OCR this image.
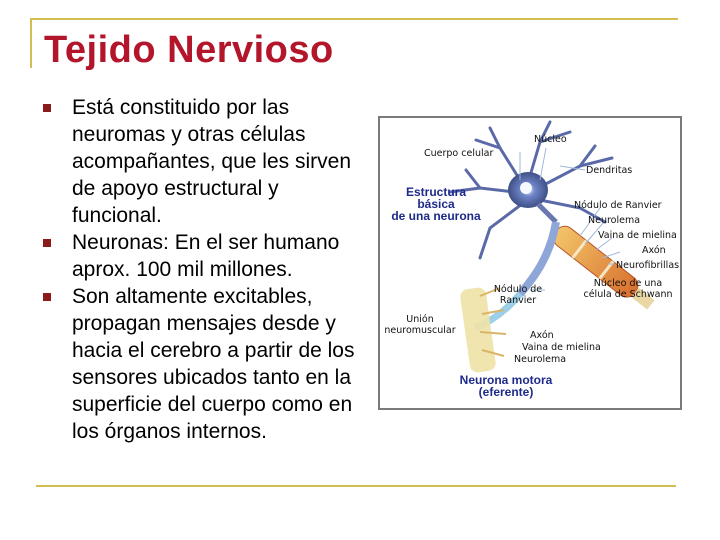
Tejido Nervioso
Está constituido por las neuromas y otras células acompañantes, que les sirven de apoyo estructural y funcional.
Neuronas: En el ser humano aprox. 100 mil millones.
Son altamente excitables, propagan mensajes desde y hacia el cerebro a partir de los sensores ubicados tanto en la superficie del cuerpo como en los órganos internos.
Núcleo
Cuerpo celular
Dendritas
Nódulo de Ranvier
Neurolema
Vaina de mielina
Axón
Neurofibrillas
Núcleo de una
célula de Schwann
Nódulo de
Ranvier
Unión
neuromuscular	Axón
Vaina de mielina
Neurolema
Estructura
básica
de una neurona
Neurona motora
(eferente)
